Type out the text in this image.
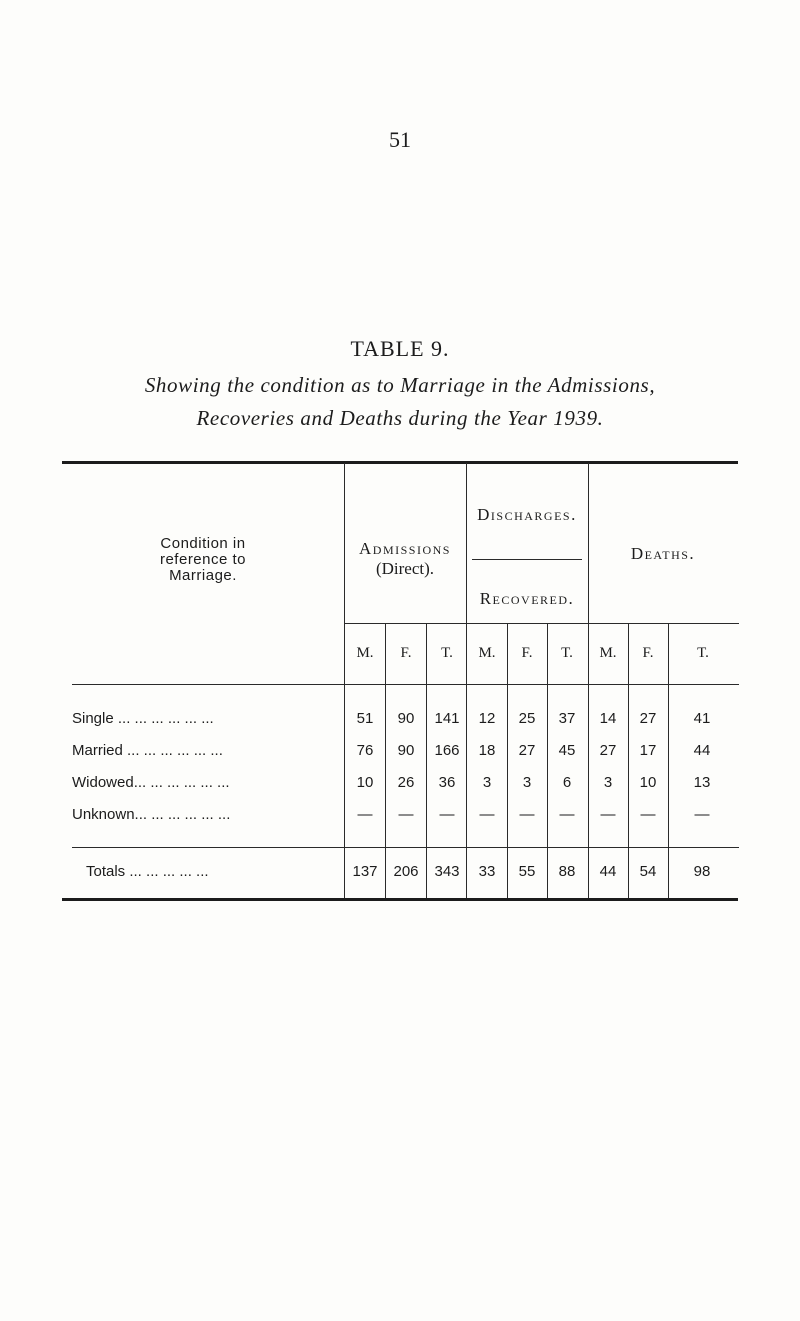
51
TABLE 9.
Showing the condition as to Marriage in the Admissions,
Recoveries and Deaths during the Year 1939.
Condition in
reference to
Marriage.
Admissions
(Direct).
Discharges.
Recovered.
Deaths.
M.	F.	T.	M.	F.	T.	M.	F.	T.
Single ... ... ... ... ... ...	51	90	141	12	25	37	14	27	41
Married ... ... ... ... ... ...	76	90	166	18	27	45	27	17	44
Widowed... ... ... ... ... ...	10	26	36	3	3	6	3	10	13
Unknown... ... ... ... ... ...	—	—	—	—	—	—	—	—	—
Totals ... ... ... ... ...	137	206	343	33	55	88	44	54	98
